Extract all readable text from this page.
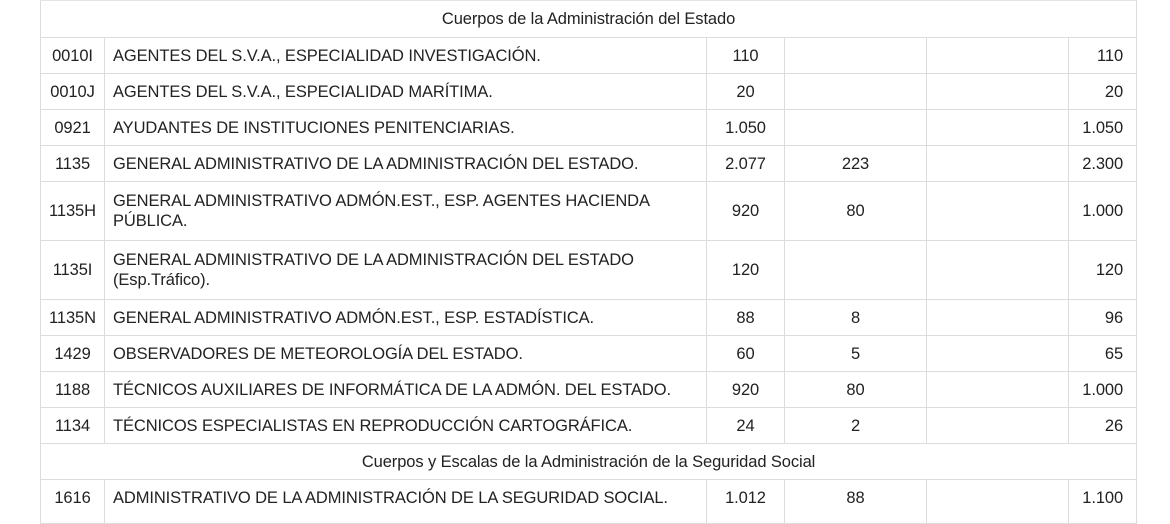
Cuerpos de la Administración del Estado					
0010I	AGENTES DEL S.V.A., ESPECIALIDAD INVESTIGACIÓN.	110			110
0010J	AGENTES DEL S.V.A., ESPECIALIDAD MARÍTIMA.	20			20
0921	AYUDANTES DE INSTITUCIONES PENITENCIARIAS.	1.050			1.050
1135	GENERAL ADMINISTRATIVO DE LA ADMINISTRACIÓN DEL ESTADO.	2.077	223		2.300
1135H	GENERAL ADMINISTRATIVO ADMÓN.EST., ESP. AGENTES HACIENDA PÚBLICA.	920	80		1.000
1135I	GENERAL ADMINISTRATIVO DE LA ADMINISTRACIÓN DEL ESTADO (Esp.Tráfico).	120			120
1135N	GENERAL ADMINISTRATIVO ADMÓN.EST., ESP. ESTADÍSTICA.	88	8		96
1429	OBSERVADORES DE METEOROLOGÍA DEL ESTADO.	60	5		65
1188	TÉCNICOS AUXILIARES DE INFORMÁTICA DE LA ADMÓN. DEL ESTADO.	920	80		1.000
1134	TÉCNICOS ESPECIALISTAS EN REPRODUCCIÓN CARTOGRÁFICA.	24	2		26
Cuerpos y Escalas de la Administración de la Seguridad Social					
1616	ADMINISTRATIVO DE LA ADMINISTRACIÓN DE LA SEGURIDAD SOCIAL.	1.012	88		1.100
